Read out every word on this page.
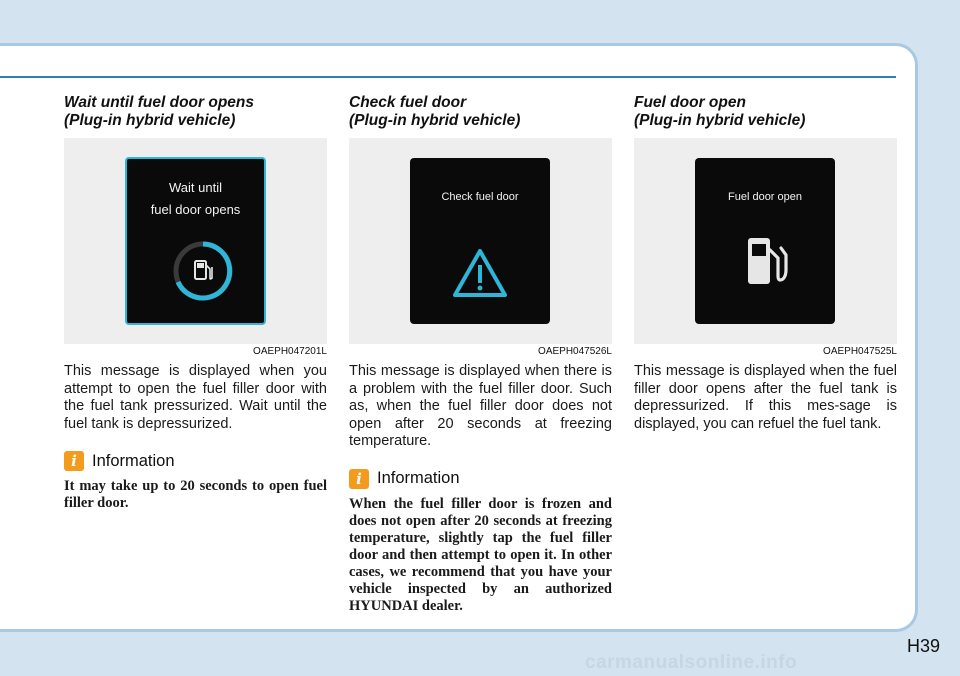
Wait until fuel door opens
(Plug-in hybrid vehicle)
Wait until
fuel door opens
OAEPH047201L

This message is displayed when you attempt to open the fuel filler door with the fuel tank pressurized. Wait until the fuel tank is depressurized.

i Information

It may take up to 20 seconds to open fuel filler door.

Check fuel door
(Plug-in hybrid vehicle)
Check fuel door
OAEPH047526L

This message is displayed when there is a problem with the fuel filler door. Such as, when the fuel filler door does not open after 20 seconds at freezing temperature.

i Information

When the fuel filler door is frozen and does not open after 20 seconds at freezing temperature, slightly tap the fuel filler door and then attempt to open it. In other cases, we recommend that you have your vehicle inspected by an authorized HYUNDAI dealer.

Fuel door open
(Plug-in hybrid vehicle)
Fuel door open
OAEPH047525L

This message is displayed when the fuel filler door opens after the fuel tank is depressurized. If this mes-sage is displayed, you can refuel the fuel tank.

H39
carmanualsonline.info
